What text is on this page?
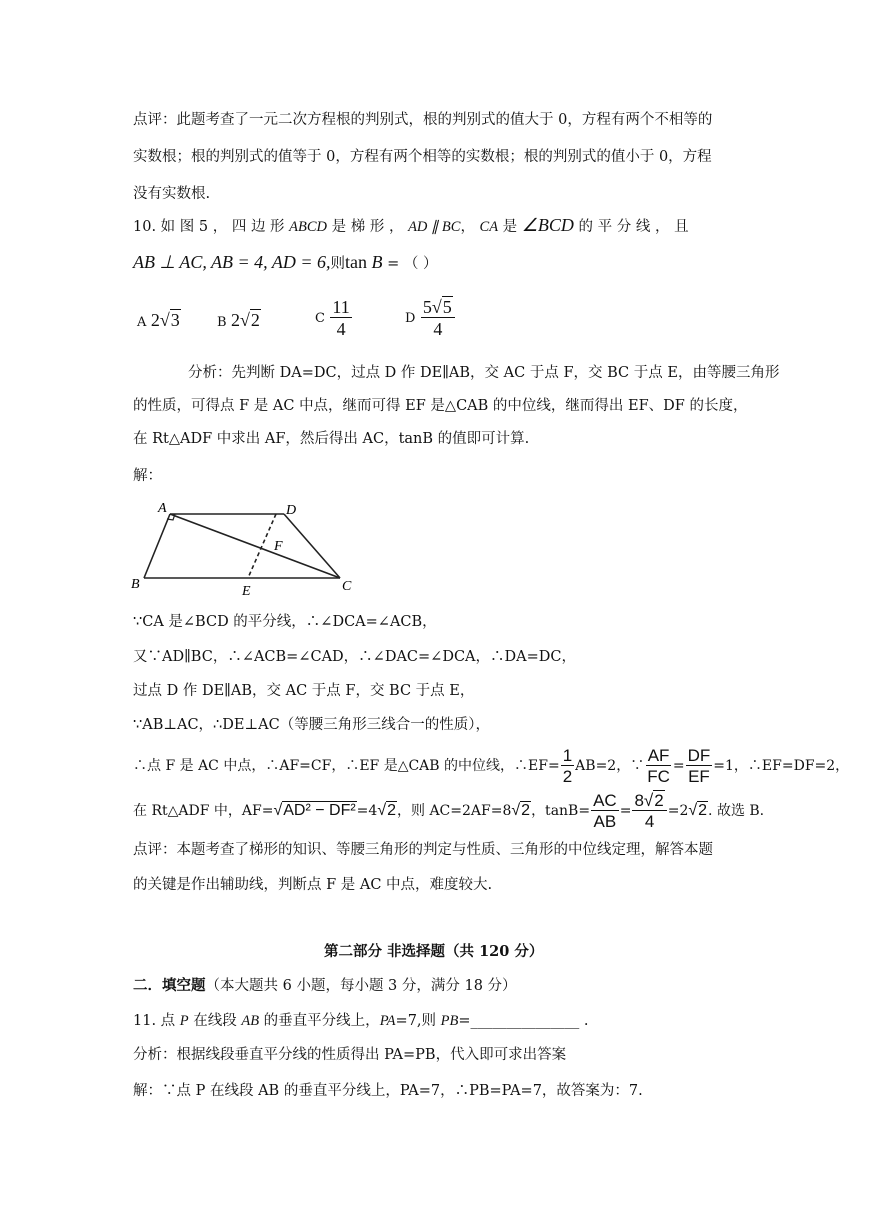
点评：此题考查了一元二次方程根的判别式，根的判别式的值大于 0，方程有两个不相等的
实数根；根的判别式的值等于 0，方程有两个相等的实数根；根的判别式的值小于 0，方程
没有实数根.
10. 如 图 5 ， 四 边 形 ABCD 是 梯 形 ， AD ∥ BC， CA 是 ∠BCD 的 平 分 线 ， 且
AB ⊥ AC, AB = 4, AD = 6,则tan B = （ ）
A 2√3	B 2√2	C $\frac{11}{4}$	D $\frac{5√5}{4}$
分析：先判断 DA=DC，过点 D 作 DE∥AB，交 AC 于点 F，交 BC 于点 E，由等腰三角形
的性质，可得点 F 是 AC 中点，继而可得 EF 是△CAB 的中位线，继而得出 EF、DF 的长度，
在 Rt△ADF 中求出 AF，然后得出 AC，tanB 的值即可计算.
解：
A	D
B	C
E
F
∵CA 是∠BCD 的平分线，∴∠DCA=∠ACB，
又∵AD∥BC，∴∠ACB=∠CAD，∴∠DAC=∠DCA，∴DA=DC，
过点 D 作 DE∥AB，交 AC 于点 F，交 BC 于点 E，
∵AB⊥AC，∴DE⊥AC（等腰三角形三线合一的性质），
∴点 F 是 AC 中点，∴AF=CF，∴EF 是△CAB 的中位线，∴EF= $\frac{1}{2} AB=2$，∵ $\frac{AF}{FC} = \frac{DF}{EF} =1$，∴EF=DF=2，
在 Rt△ADF 中，AF= √AD² − DF² =4 √2 ，则 AC=2AF=8 √2 ，$\tan B= \frac{AC}{AB} = \frac{8√2}{4} =2$ √2 . 故选 B.
点评：本题考查了梯形的知识、等腰三角形的判定与性质、三角形的中位线定理，解答本题
的关键是作出辅助线，判断点 F 是 AC 中点，难度较大.
第二部分 非选择题（共 120 分）
二．填空题（本大题共 6 小题，每小题 3 分，满分 18 分）
11. 点 P 在线段 AB 的垂直平分线上，PA=7,则 PB=_______________ .
分析：根据线段垂直平分线的性质得出 PA=PB，代入即可求出答案
解：∵点 P 在线段 AB 的垂直平分线上，PA=7，∴PB=PA=7，故答案为：7.
